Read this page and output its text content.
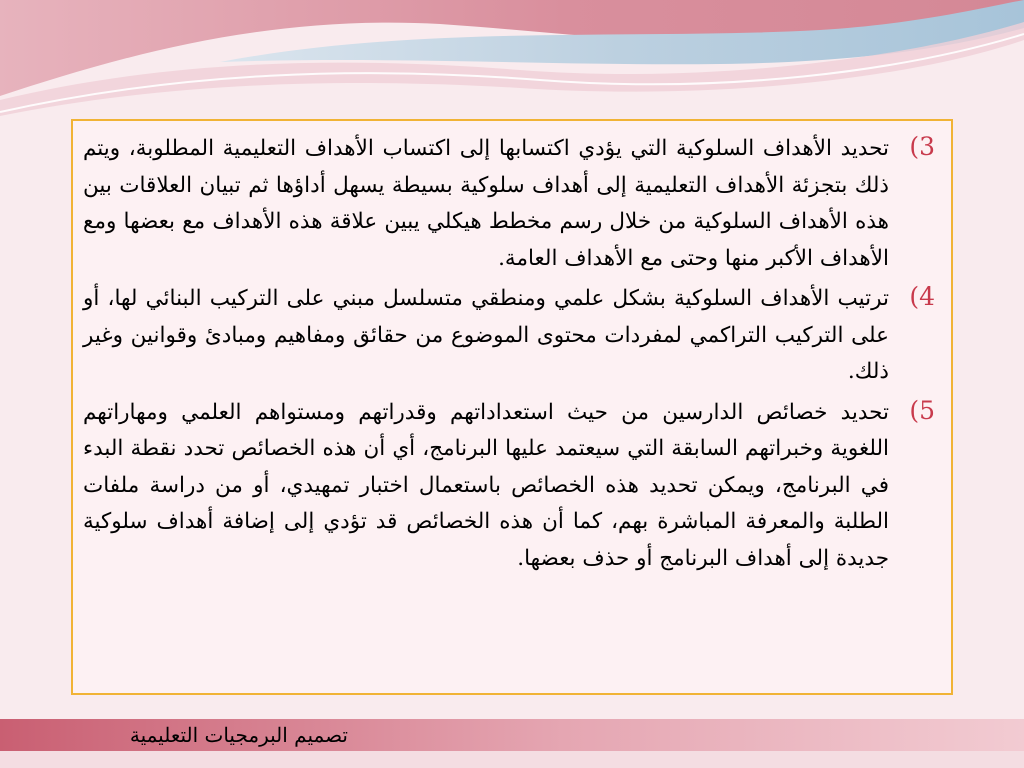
3)
تحديد الأهداف السلوكية التي يؤدي اكتسابها إلى اكتساب الأهداف التعليمية المطلوبة، ويتم ذلك بتجزئة الأهداف التعليمية إلى أهداف سلوكية بسيطة يسهل أداؤها ثم تبيان العلاقات بين هذه الأهداف السلوكية من خلال رسم مخطط هيكلي يبين علاقة هذه الأهداف مع بعضها ومع الأهداف الأكبر منها وحتى مع الأهداف العامة.
4)
ترتيب الأهداف السلوكية بشكل علمي ومنطقي متسلسل مبني على التركيب البنائي لها، أو على التركيب التراكمي لمفردات محتوى الموضوع من حقائق ومفاهيم ومبادئ وقوانين وغير ذلك.
5)
تحديد خصائص الدارسين من حيث استعداداتهم وقدراتهم ومستواهم العلمي ومهاراتهم اللغوية وخبراتهم السابقة التي سيعتمد عليها البرنامج، أي أن هذه الخصائص تحدد نقطة البدء في البرنامج، ويمكن تحديد هذه الخصائص باستعمال اختبار تمهيدي، أو من دراسة ملفات الطلبة والمعرفة المباشرة بهم، كما أن هذه الخصائص قد تؤدي إلى إضافة أهداف سلوكية جديدة إلى أهداف البرنامج أو حذف بعضها.
تصميم البرمجيات التعليمية
